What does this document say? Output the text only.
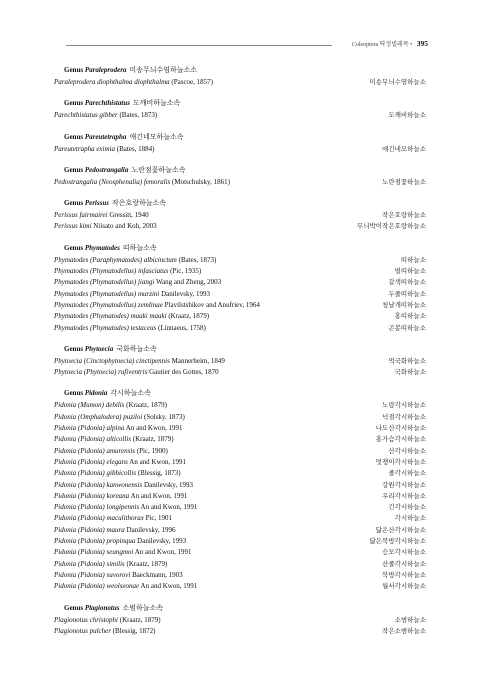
Coleoptera 딱정벌레목 • 395
Genus Paraleprodera 미송무늬수염하늘소소
Paraleprodera diophthalma diophthalma (Pascoe, 1857)	미송무늬수염하늘소
Genus Parechthistatus 도깨비하늘소속
Parechthistatus gibber (Bates, 1873)	도깨비하늘소
Genus Pareutetrapha 애긴네모하늘소속
Pareutetrapha eximia (Bates, 1884)	애긴네모하늘소
Genus Pedostrangalia 노란점꽃하늘소속
Pedostrangalia (Neosphenalia) femoralis (Motschulsky, 1861)	노란점꽃하늘소
Genus Perissus 작은호랑하늘소속
Perissus fairmairei Gressitt, 1940	작은호랑하늘소
Perissus kimi Niisato and Koh, 2003	무늬박이작은호랑하늘소
Genus Phymatodes 띠하늘소속
Phymatodes (Paraphymatodes) albicinctum (Bates, 1873)	띠하늘소
Phymatodes (Phymatodellus) infasciatus (Pic, 1935)	벌띠하늘소
Phymatodes (Phymatodellus) jiangi Wang and Zheng, 2003	갈색띠하늘소
Phymatodes (Phymatodellus) murzini Danilevsky, 1993	두줄띠하늘소
Phymatodes (Phymatodellus) zemlinae Plavilstshikov and Anufriev, 1964	청날개띠하늘소
Phymatodes (Phymatodes) maaki maaki (Kraatz, 1879)	홍띠하늘소
Phymatodes (Phymatodes) testaceus (Linnaeus, 1758)	곤봉띠하늘소
Genus Phytoecia 국화하늘소속
Phytoecia (Cinctophytoecia) cinctipennis Mannerheim, 1849	먹국화하늘소
Phytoecia (Phytoecia) rufiventris Gautier des Gottes, 1870	국화하늘소
Genus Pidonia 각시하늘소속
Pidonia (Mumon) debilis (Kraatz, 1879)	노랑각시하늘소
Pidonia (Omphalodera) puziloi (Solsky, 1873)	넉점각시하늘소
Pidonia (Pidonia) alpina An and Kwon, 1991	나도산각시하늘소
Pidonia (Pidonia) alticollis (Kraatz, 1879)	홍가슴각시하늘소
Pidonia (Pidonia) amurensis (Pic, 1900)	산각시하늘소
Pidonia (Pidonia) elegans An and Kwon, 1991	멋쟁이각시하늘소
Pidonia (Pidonia) gibbicollis (Blessig, 1873)	줄각시하늘소
Pidonia (Pidonia) kanwonensis Danilevsky, 1993	강원각시하늘소
Pidonia (Pidonia) koreana An and Kwon, 1991	우리각시하늘소
Pidonia (Pidonia) longipennis An and Kwon, 1991	긴각시하늘소
Pidonia (Pidonia) maculithorax Pic, 1901	각시하늘소
Pidonia (Pidonia) maura Danilevsky, 1996	닮은산각시하늘소
Pidonia (Pidonia) propinqua Danilevsky, 1993	닮은북방각시하늘소
Pidonia (Pidonia) seungmoi An and Kwon, 1991	승모각시하늘소
Pidonia (Pidonia) similis (Kraatz, 1879)	산줄각시하늘소
Pidonia (Pidonia) suvorovi Baeckmann, 1903	북방각시하늘소
Pidonia (Pidonia) weolseonae An and Kwon, 1991	월서각시하늘소
Genus Plagionotus 소범하늘소속
Plagionotus christophi (Kraatz, 1879)	소범하늘소
Plagionotus pulcher (Blessig, 1872)	작은소범하늘소
